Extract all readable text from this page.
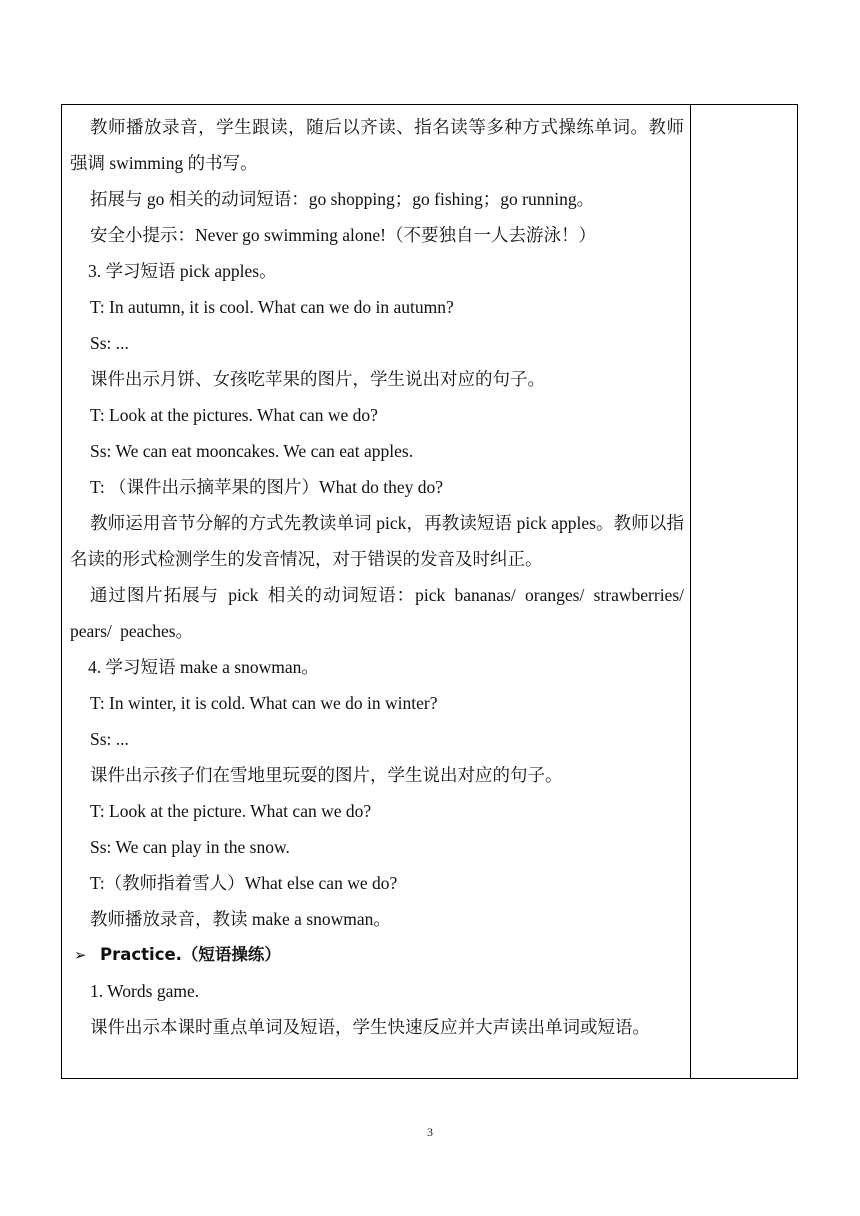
教师播放录音，学生跟读，随后以齐读、指名读等多种方式操练单词。教师强调 swimming 的书写。

拓展与 go 相关的动词短语：go shopping；go fishing；go running。

安全小提示：Never go swimming alone!（不要独自一人去游泳！）

3. 学习短语 pick apples。

T: In autumn, it is cool. What can we do in autumn?

Ss: ...

课件出示月饼、女孩吃苹果的图片，学生说出对应的句子。

T: Look at the pictures. What can we do?

Ss: We can eat mooncakes. We can eat apples.

T: （课件出示摘苹果的图片）What do they do?

教师运用音节分解的方式先教读单词 pick，再教读短语 pick apples。教师以指名读的形式检测学生的发音情况，对于错误的发音及时纠正。

通过图片拓展与 pick 相关的动词短语：pick bananas/ oranges/ strawberries/ pears/ peaches。

4. 学习短语 make a snowman。

T: In winter, it is cold. What can we do in winter?

Ss: ...

课件出示孩子们在雪地里玩耍的图片，学生说出对应的句子。

T: Look at the picture. What can we do?

Ss: We can play in the snow.

T:（教师指着雪人）What else can we do?

教师播放录音，教读 make a snowman。

➢ Practice.（短语操练）

1. Words game.

课件出示本课时重点单词及短语，学生快速反应并大声读出单词或短语。

3
